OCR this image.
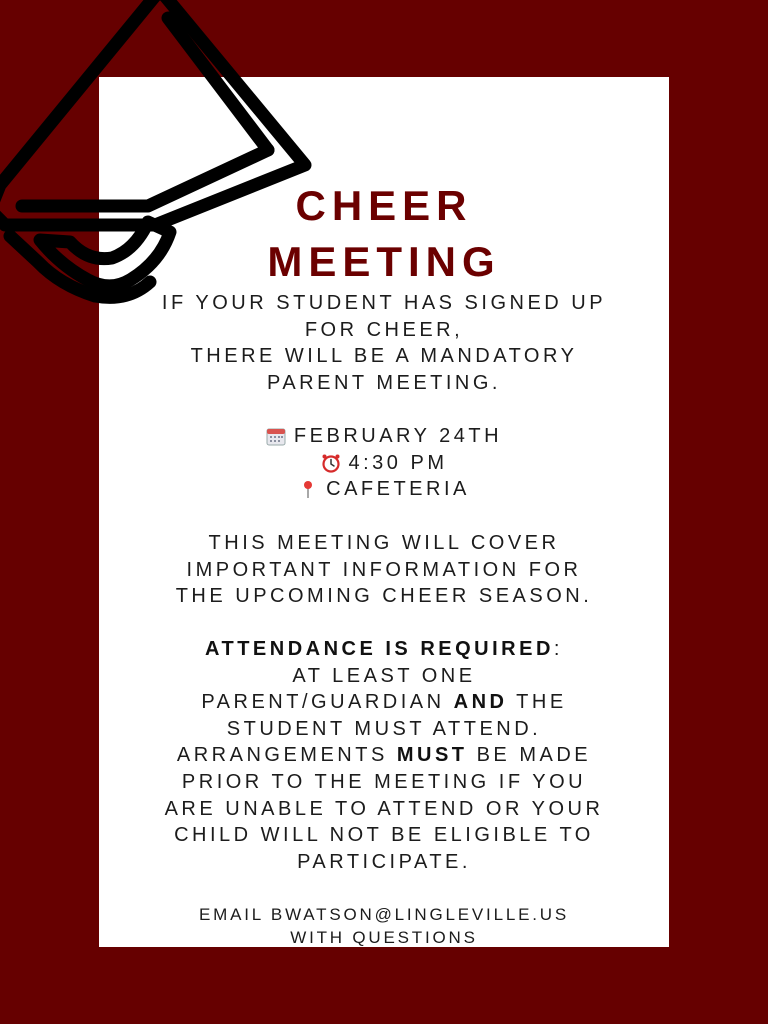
CHEER
MEETING

IF YOUR STUDENT HAS SIGNED UP

FOR CHEER,

THERE WILL BE A MANDATORY

PARENT MEETING.

FEBRUARY 24TH
4:30 PM
CAFETERIA

THIS MEETING WILL COVER

IMPORTANT INFORMATION FOR

THE UPCOMING CHEER SEASON.

ATTENDANCE IS REQUIRED:

AT LEAST ONE

PARENT/GUARDIAN AND THE

STUDENT MUST ATTEND.

ARRANGEMENTS MUST BE MADE

PRIOR TO THE MEETING IF YOU

ARE UNABLE TO ATTEND OR YOUR

CHILD WILL NOT BE ELIGIBLE TO

PARTICIPATE.

EMAIL BWATSON@LINGLEVILLE.US

WITH QUESTIONS
